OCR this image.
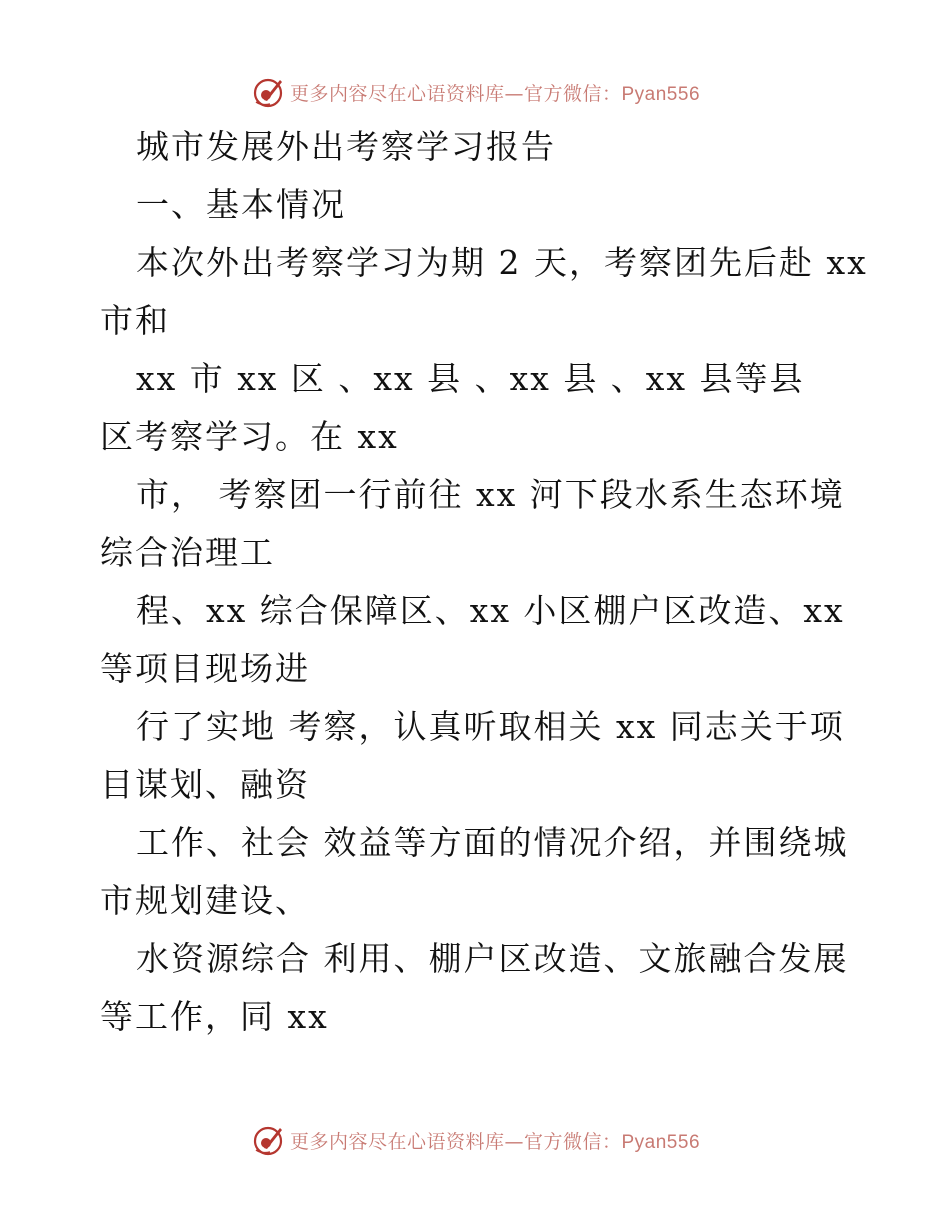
更多内容尽在心语资料库—官方微信：Pyan556
城市发展外出考察学习报告
一、基本情况
本次外出考察学习为期 2 天，考察团先后赴 xx
市和
xx 市 xx 区 、xx 县 、xx 县 、xx 县等县
区考察学习。在 xx
市， 考察团一行前往 xx 河下段水系生态环境
综合治理工
程、xx 综合保障区、xx 小区棚户区改造、xx
等项目现场进
行了实地 考察，认真听取相关 xx 同志关于项
目谋划、融资
工作、社会 效益等方面的情况介绍，并围绕城
市规划建设、
水资源综合 利用、棚户区改造、文旅融合发展
等工作，同 xx
更多内容尽在心语资料库—官方微信：Pyan556
